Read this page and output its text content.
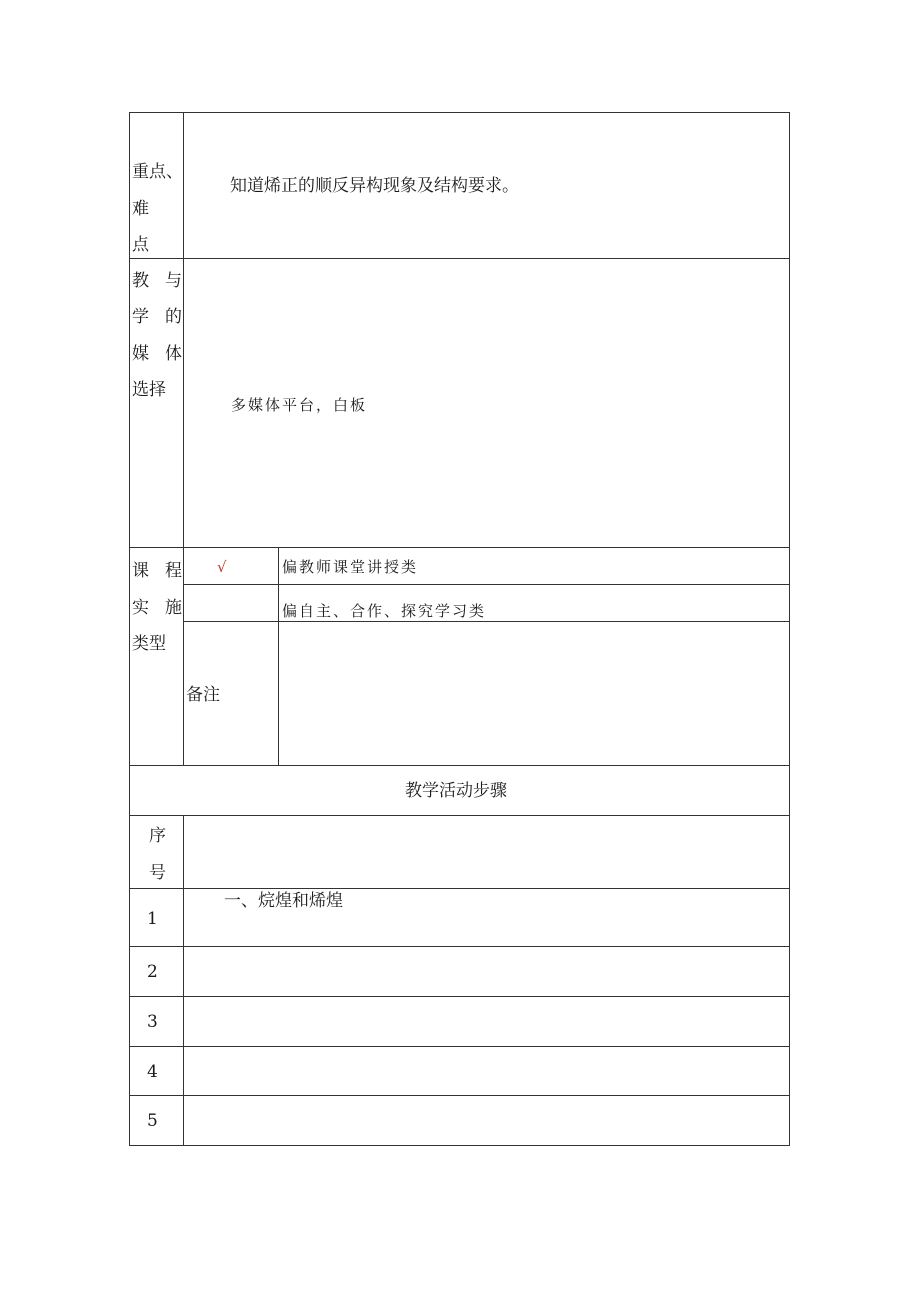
重点、
难
点
知道烯正的顺反异构现象及结构要求。
教 与
学 的
媒 体
选择
多媒体平台，白板
课 程
实 施
类型
√	偏教师课堂讲授类
偏自主、合作、探究学习类
备注
教学活动步骤
序
号
1
一、烷煌和烯煌
2
3
4
5
